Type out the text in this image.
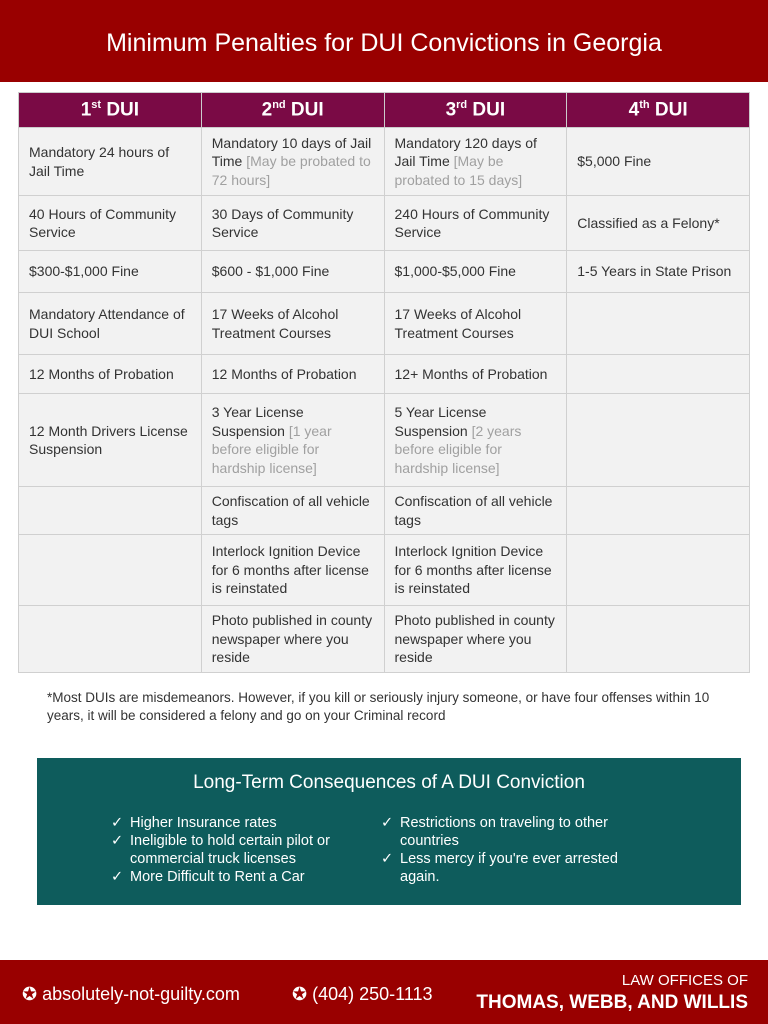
Minimum Penalties for DUI Convictions in Georgia
1st DUI	2nd DUI	3rd DUI	4th DUI
Mandatory 24 hours of Jail Time	Mandatory 10 days of Jail Time [May be probated to 72 hours]	Mandatory 120 days of Jail Time [May be probated to 15 days]	$5,000 Fine
40 Hours of Community Service	30 Days of Community Service	240 Hours of Community Service	Classified as a Felony*
$300-$1,000 Fine	$600 - $1,000 Fine	$1,000-$5,000 Fine	1-5 Years in State Prison
Mandatory Attendance of DUI School	17 Weeks of Alcohol Treatment Courses	17 Weeks of Alcohol Treatment Courses	
12 Months of Probation	12 Months of Probation	12+ Months of Probation	
12 Month Drivers License Suspension	3 Year License Suspension [1 year before eligible for hardship license]	5 Year License Suspension [2 years before eligible for hardship license]	
	Confiscation of all vehicle tags	Confiscation of all vehicle tags	
	Interlock Ignition Device for 6 months after license is reinstated	Interlock Ignition Device for 6 months after license is reinstated	
	Photo published in county newspaper where you reside	Photo published in county newspaper where you reside	
*Most DUIs are misdemeanors. However, if you kill or seriously injury someone, or have four offenses within 10 years, it will be considered a felony and go on your Criminal record
Long-Term Consequences of A DUI Conviction
✓ Higher Insurance rates
✓ Ineligible to hold certain pilot or commercial truck licenses
✓ More Difficult to Rent a Car
✓ Restrictions on traveling to other countries
✓ Less mercy if you're ever arrested again.
✪ absolutely-not-guilty.com	✪ (404) 250-1113
LAW OFFICES OF
THOMAS, WEBB, AND WILLIS
